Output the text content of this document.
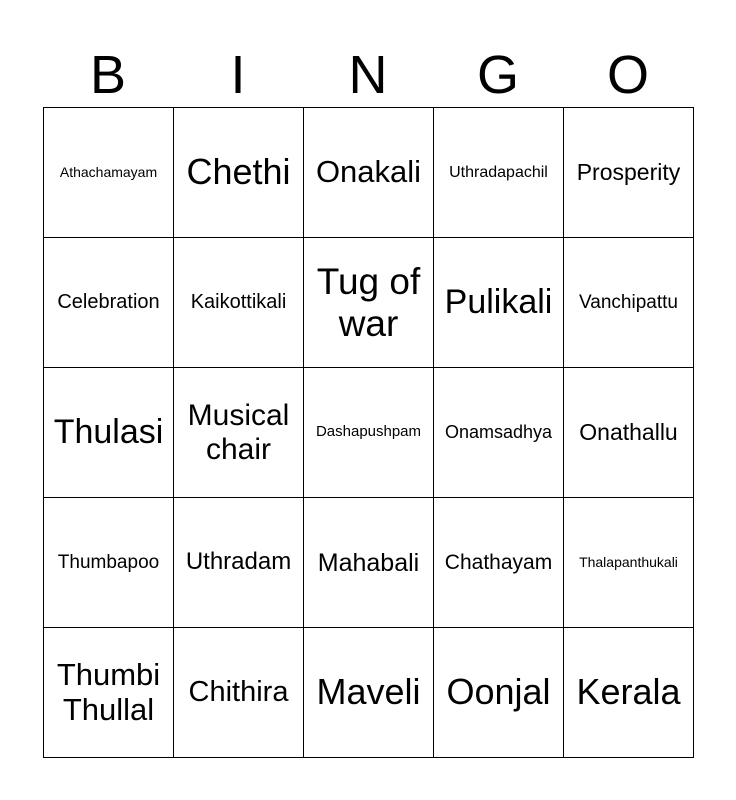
B	I	N	G	O
Athachamayam	Chethi	Onakali	Uthradapachil	Prosperity
Celebration	Kaikottikali	Tug of war	Pulikali	Vanchipattu
Thulasi	Musical chair	Dashapushpam	Onamsadhya	Onathallu
Thumbapoo	Uthradam	Mahabali	Chathayam	Thalapanthukali
Thumbi Thullal	Chithira	Maveli	Oonjal	Kerala
